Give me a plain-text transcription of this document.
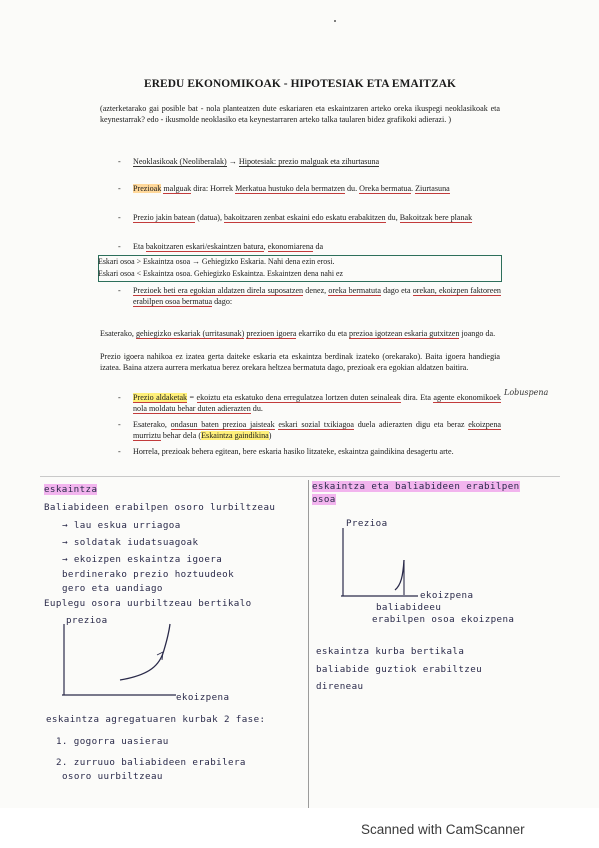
EREDU EKONOMIKOAK - HIPOTESIAK ETA EMAITZAK
(azterketarako gai posible bat - nola planteatzen dute eskariaren eta eskaintzaren arteko oreka ikuspegi neoklasikoak eta keynestarrak? edo - ikusmolde neoklasiko eta keynestarraren arteko talka taularen bidez grafikoki adierazi. )
- Neoklasikoak (Neoliberalak) → Hipotesiak: prezio malguak eta zihurtasuna
- Prezioak malguak dira: Horrek Merkatua hustuko dela bermatzen du. Oreka bermatua. Ziurtasuna
- Prezio jakin batean (datua), bakoitzaren zenbat eskaini edo eskatu erabakitzen du, Bakoitzak bere planak
- Eta bakoitzaren eskari/eskaintzen batura, ekonomiarena da
Eskari osoa > Eskaintza osoa → Gehiegizko Eskaria. Nahi dena ezin erosi.
Eskari osoa < Eskaintza osoa. Gehiegizko Eskaintza. Eskaintzen dena nahi ez
- Prezioek beti era egokian aldatzen direla suposatzen denez, oreka bermatuta dago eta orekan, ekoizpen faktoreen erabilpen osoa bermatua dago:
Esaterako, gehiegizko eskariak (urritasunak) prezioen igoera ekarriko du eta prezioa igotzean eskaria gutxitzen joango da.
Prezio igoera nahikoa ez izatea gerta daiteke eskaria eta eskaintza berdinak izateko (orekarako). Baita igoera handiegia izatea. Baina atzera aurrera merkatua berez orekara heltzea bermatuta dago, prezioak era egokian aldatzen baitira.
Lobuspena
- Prezio aldaketak = ekoiztu eta eskatuko dena erregulatzea lortzen duten seinaleak dira. Eta agente ekonomikoek nola moldatu behar duten adierazten du.
- Esaterako, ondasun baten prezioa jaisteak eskari sozial txikiagoa duela adierazten digu eta beraz ekoizpena murriztu behar dela (Eskaintza gaindikina)
- Horrela, prezioak behera egitean, bere eskaria hasiko litzateke, eskaintza gaindikina desagertu arte.
eskaintza
Baliabideen erabilpen osoro lurbiltzeau
→ lau eskua urriagoa
→ soldatak iudatsuagoak
→ ekoizpen eskaintza igoera
berdinerako prezio hoztuudeok
gero eta uandiago
Euplegu osora uurbiltzeau bertikalo
prezioa
ekoizpena
eskaintza agregatuaren kurbak 2 fase:
1. gogorra uasierau
2. zurruuo baliabideen erabilera
osoro uurbiltzeau
eskaintza eta baliabideen erabilpen
osoa
Prezioa
ekoizpena
baliabideeu
erabilpen osoa ekoizpena
eskaintza kurba bertikala
baliabide guztiok erabiltzeu
direneau
Scanned with CamScanner
